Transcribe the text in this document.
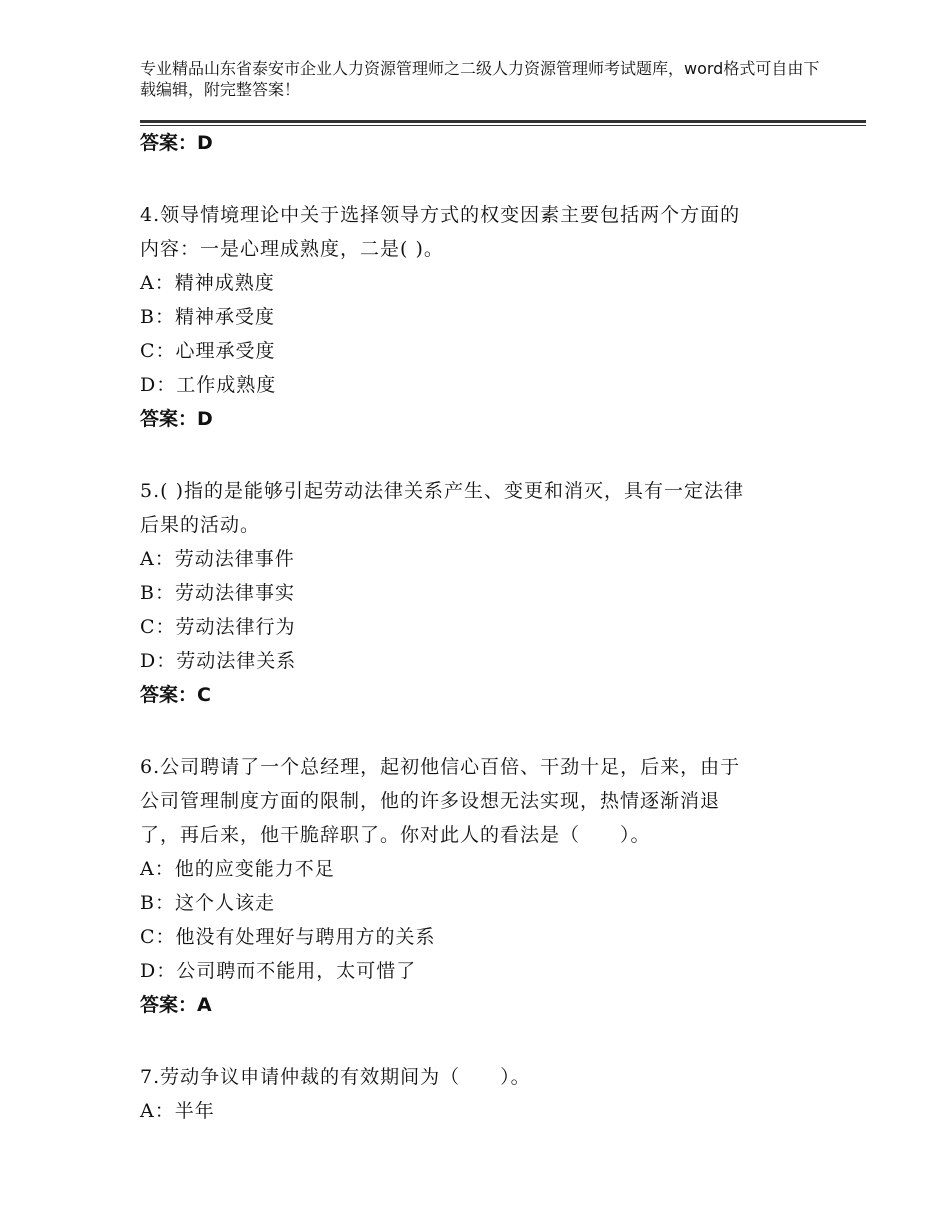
专业精品山东省泰安市企业人力资源管理师之二级人力资源管理师考试题库，word格式可自由下载编辑，附完整答案！
答案：D
4.领导情境理论中关于选择领导方式的权变因素主要包括两个方面的
内容：一是心理成熟度，二是( )。
A：精神成熟度
B：精神承受度
C：心理承受度
D：工作成熟度
答案：D
5.( )指的是能够引起劳动法律关系产生、变更和消灭，具有一定法律
后果的活动。
A：劳动法律事件
B：劳动法律事实
C：劳动法律行为
D：劳动法律关系
答案：C
6.公司聘请了一个总经理，起初他信心百倍、干劲十足，后来，由于
公司管理制度方面的限制，他的许多设想无法实现，热情逐渐消退
了，再后来，他干脆辞职了。你对此人的看法是（　　）。
A：他的应变能力不足
B：这个人该走
C：他没有处理好与聘用方的关系
D：公司聘而不能用，太可惜了
答案：A
7.劳动争议申请仲裁的有效期间为（　　）。
A：半年
